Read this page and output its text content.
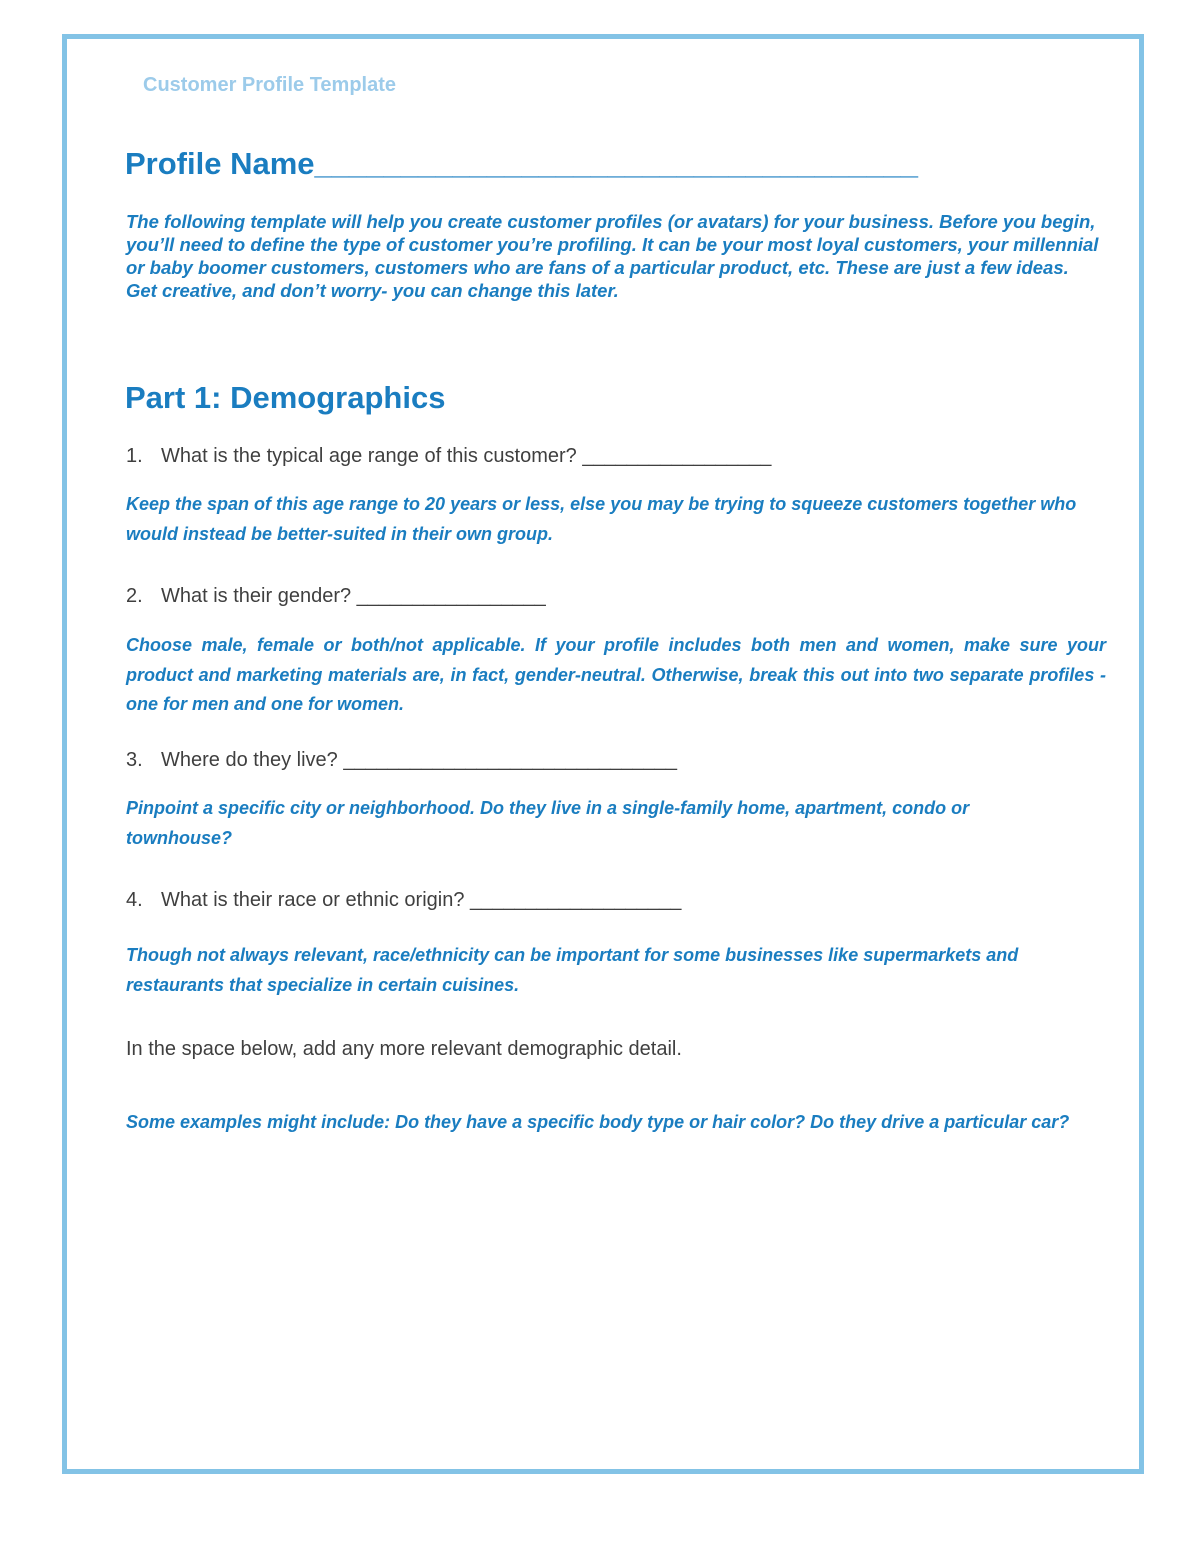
Customer Profile Template
Profile Name___________________________________
The following template will help you create customer profiles (or avatars) for your business. Before you begin, you’ll need to define the type of customer you’re profiling. It can be your most loyal customers, your millennial or baby boomer customers, customers who are fans of a particular product, etc. These are just a few ideas. Get creative, and don’t worry- you can change this later.
Part 1: Demographics
1. What is the typical age range of this customer? _________________
Keep the span of this age range to 20 years or less, else you may be trying to squeeze customers together who would instead be better-suited in their own group.
2. What is their gender? _________________
Choose male, female or both/not applicable. If your profile includes both men and women, make sure your product and marketing materials are, in fact, gender-neutral. Otherwise, break this out into two separate profiles - one for men and one for women.
3. Where do they live? ______________________________
Pinpoint a specific city or neighborhood. Do they live in a single-family home, apartment, condo or townhouse?
4. What is their race or ethnic origin? ___________________
Though not always relevant, race/ethnicity can be important for some businesses like supermarkets and restaurants that specialize in certain cuisines.
In the space below, add any more relevant demographic detail.
Some examples might include: Do they have a specific body type or hair color? Do they drive a particular car?
